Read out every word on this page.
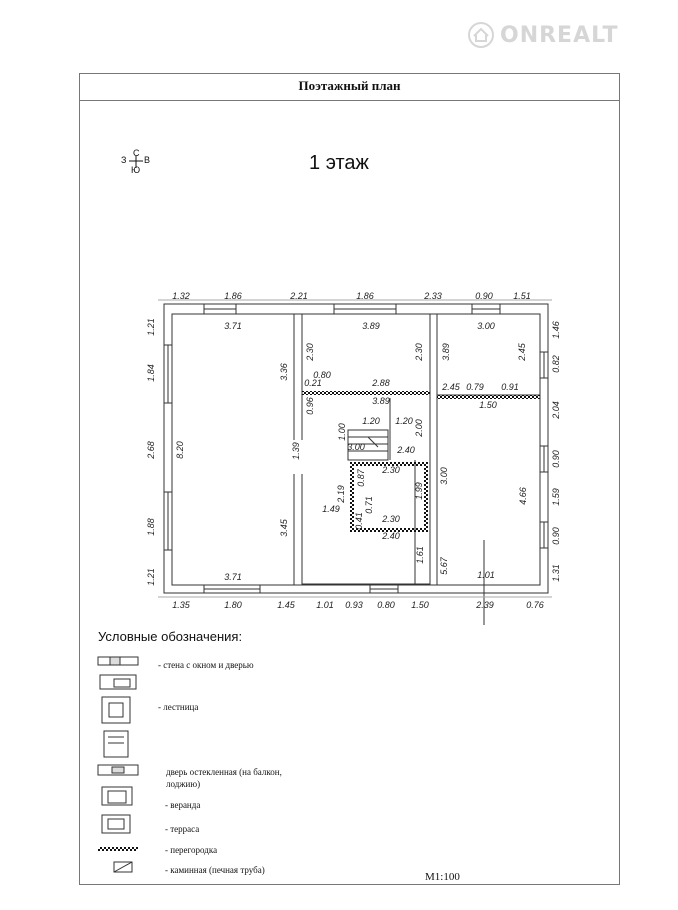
ONREALT
Поэтажный план
С
З В
Ю	1 этаж
1.32	1.86	2.21	1.86	2.33	0.90 1.51
1.35	1.80	1.45 1.01 0.93 0.80 1.50	2.39	0.76
1.21
1.84
2.68
1.88
1.21
1.46
0.82
2.04
0.90
1.59
0.90
1.31
3.71	3.89	3.00
8.20
3.36
1.39
3.45
3.71
2.30	2.30
0.80
0.21	2.88
0.96	3.89
1.20 1.20 2.00
1.00
2.40
2.30
0.87
2.19
0.71
1.49
0.41
1.99
2.30
2.40
1.61
3.89	2.45
2.45 0.79 0.91
1.50
3.00
4.66
5.67
1.01
3.00
Условные обозначения:
- стена с окном и дверью
- лестница
дверь остекленная (на балкон,
лоджию)
- веранда
- терраса
- перегородка
- каминная (печная труба)
М1:100
